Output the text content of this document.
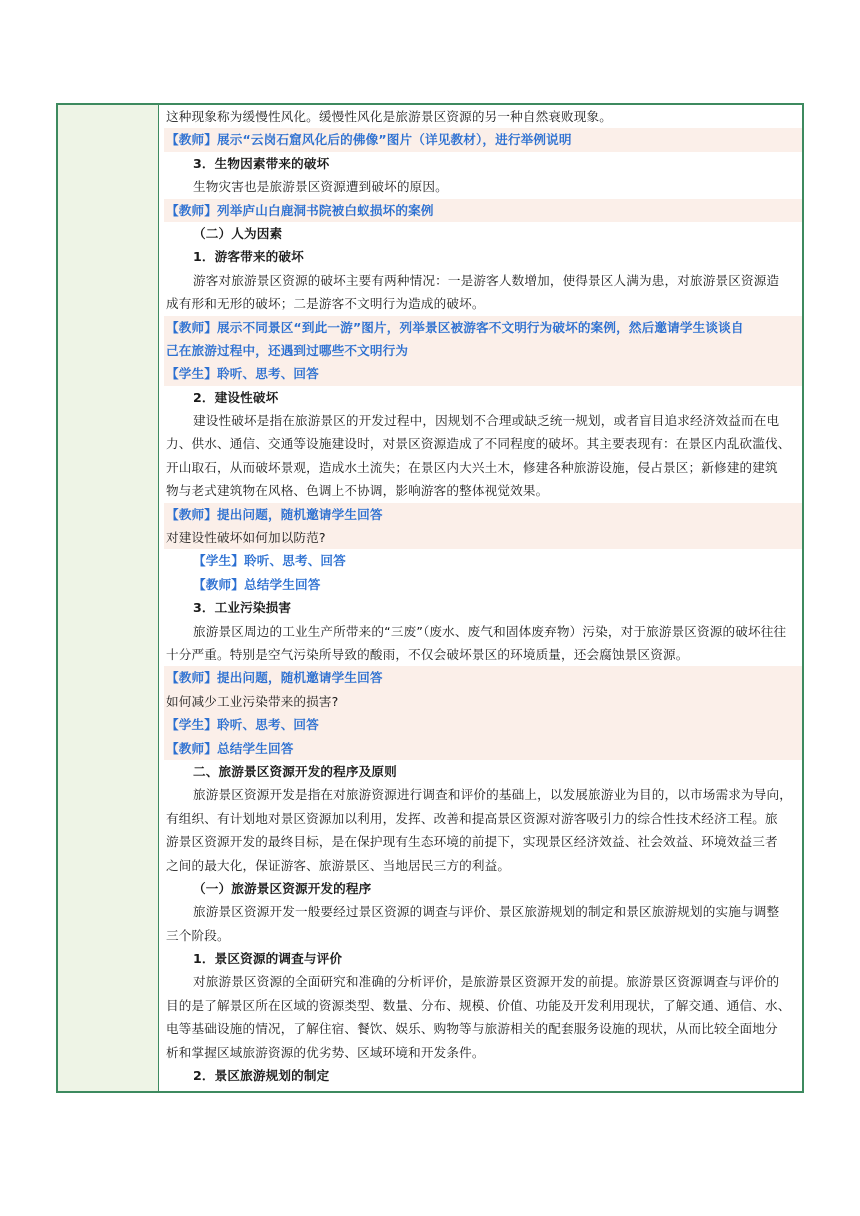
这种现象称为缓慢性风化。缓慢性风化是旅游景区资源的另一种自然衰败现象。
【教师】展示“云岗石窟风化后的佛像”图片（详见教材），进行举例说明
3．生物因素带来的破坏
生物灾害也是旅游景区资源遭到破坏的原因。
【教师】列举庐山白鹿洞书院被白蚁损坏的案例
（二）人为因素
1．游客带来的破坏
游客对旅游景区资源的破坏主要有两种情况：一是游客人数增加，使得景区人满为患，对旅游景区资源造
成有形和无形的破坏；二是游客不文明行为造成的破坏。
【教师】展示不同景区“到此一游”图片，列举景区被游客不文明行为破坏的案例，然后邀请学生谈谈自
己在旅游过程中，还遇到过哪些不文明行为
【学生】聆听、思考、回答
2．建设性破坏
建设性破坏是指在旅游景区的开发过程中，因规划不合理或缺乏统一规划，或者盲目追求经济效益而在电
力、供水、通信、交通等设施建设时，对景区资源造成了不同程度的破坏。其主要表现有：在景区内乱砍滥伐、
开山取石，从而破坏景观，造成水土流失；在景区内大兴土木，修建各种旅游设施，侵占景区；新修建的建筑
物与老式建筑物在风格、色调上不协调，影响游客的整体视觉效果。
【教师】提出问题，随机邀请学生回答
对建设性破坏如何加以防范?
【学生】聆听、思考、回答
【教师】总结学生回答
3．工业污染损害
旅游景区周边的工业生产所带来的“三废”（废水、废气和固体废弃物）污染，对于旅游景区资源的破坏往往
十分严重。特别是空气污染所导致的酸雨，不仅会破坏景区的环境质量，还会腐蚀景区资源。
【教师】提出问题，随机邀请学生回答
如何减少工业污染带来的损害?
【学生】聆听、思考、回答
【教师】总结学生回答
二、旅游景区资源开发的程序及原则
旅游景区资源开发是指在对旅游资源进行调查和评价的基础上，以发展旅游业为目的，以市场需求为导向，
有组织、有计划地对景区资源加以利用，发挥、改善和提高景区资源对游客吸引力的综合性技术经济工程。旅
游景区资源开发的最终目标，是在保护现有生态环境的前提下，实现景区经济效益、社会效益、环境效益三者
之间的最大化，保证游客、旅游景区、当地居民三方的利益。
（一）旅游景区资源开发的程序
旅游景区资源开发一般要经过景区资源的调查与评价、景区旅游规划的制定和景区旅游规划的实施与调整
三个阶段。
1．景区资源的调查与评价
对旅游景区资源的全面研究和准确的分析评价，是旅游景区资源开发的前提。旅游景区资源调查与评价的
目的是了解景区所在区域的资源类型、数量、分布、规模、价值、功能及开发利用现状，了解交通、通信、水、
电等基础设施的情况，了解住宿、餐饮、娱乐、购物等与旅游相关的配套服务设施的现状，从而比较全面地分
析和掌握区域旅游资源的优劣势、区域环境和开发条件。
2．景区旅游规划的制定
